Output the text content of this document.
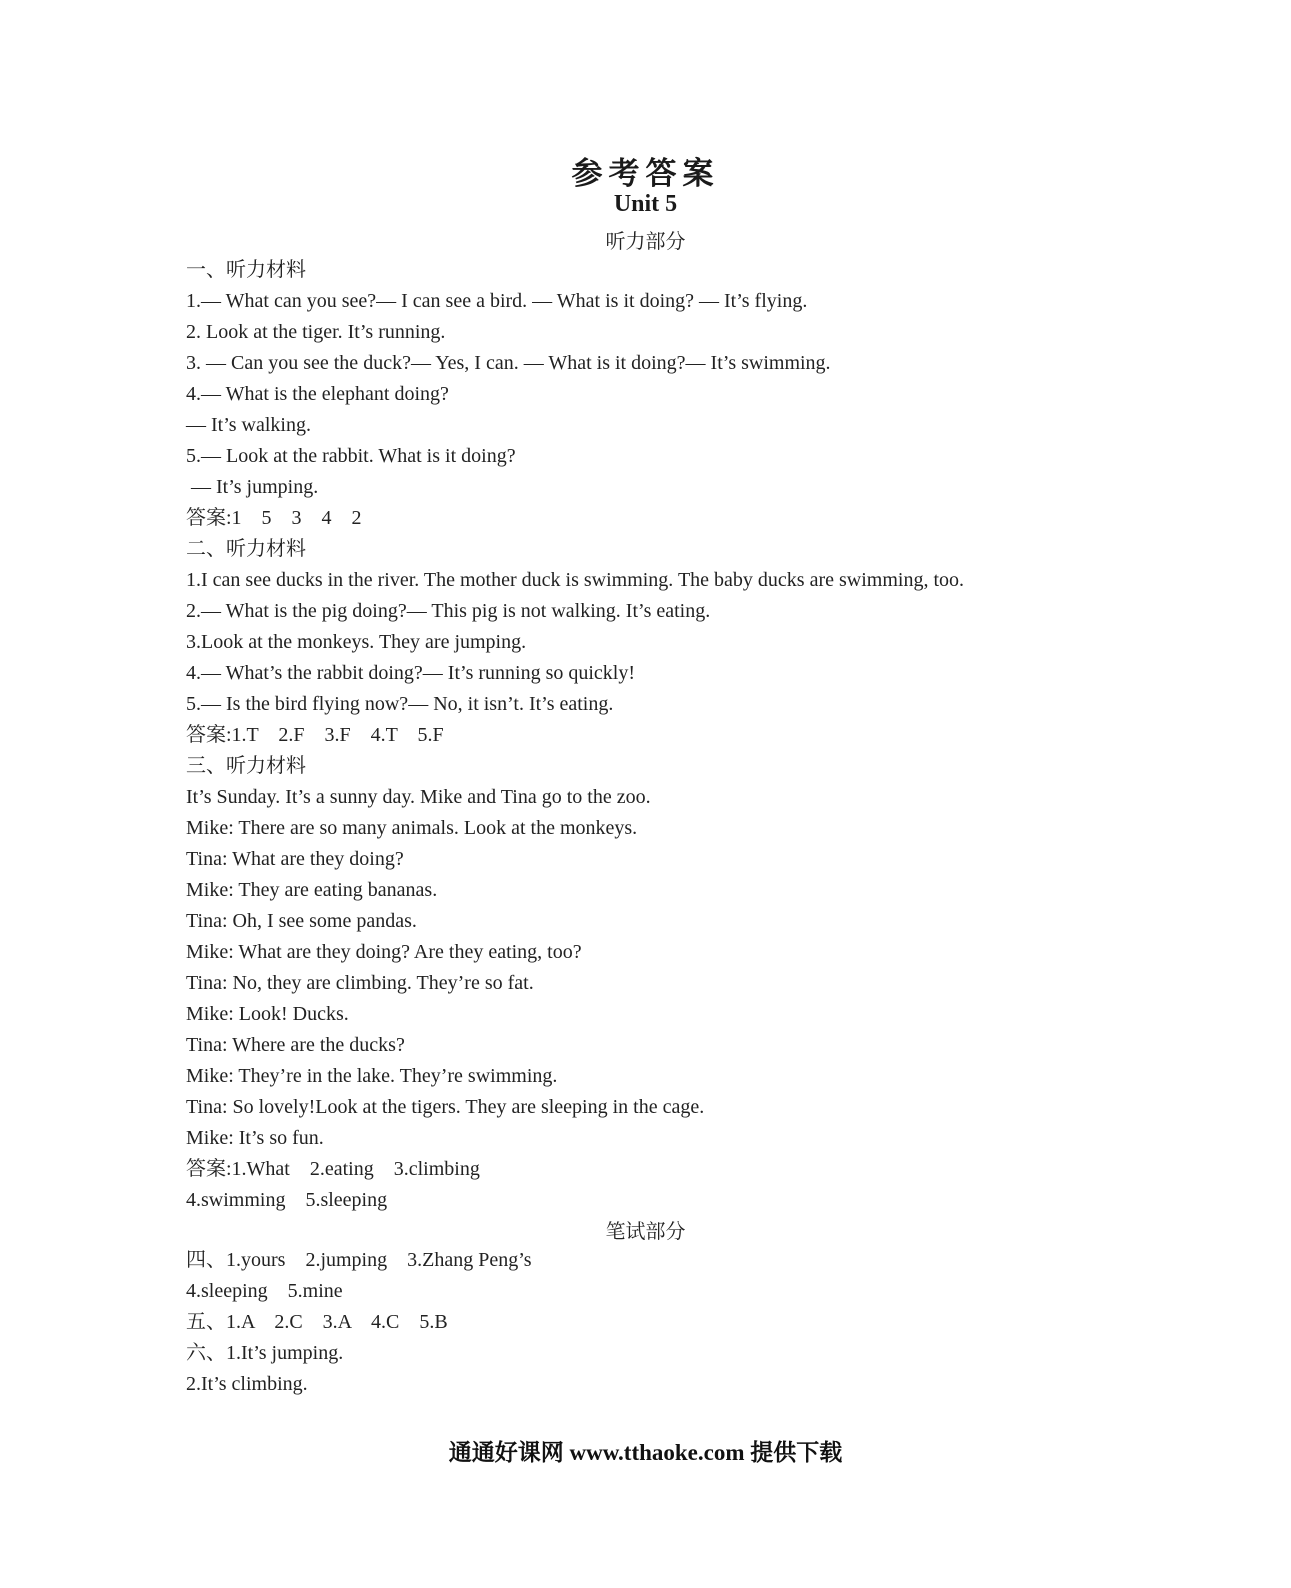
参考答案
Unit 5
听力部分
一、听力材料
1.— What can you see?— I can see a bird. — What is it doing? — It’s flying.
2. Look at the tiger. It’s running.
3. — Can you see the duck?— Yes, I can. — What is it doing?— It’s swimming.
4.— What is the elephant doing?
— It’s walking.
5.— Look at the rabbit. What is it doing?
— It’s jumping.
答案:1    5    3    4    2
二、听力材料
1.I can see ducks in the river. The mother duck is swimming. The baby ducks are swimming, too.
2.— What is the pig doing?— This pig is not walking. It’s eating.
3.Look at the monkeys. They are jumping.
4.— What’s the rabbit doing?— It’s running so quickly!
5.— Is the bird flying now?— No, it isn’t. It’s eating.
答案:1.T    2.F    3.F    4.T    5.F
三、听力材料
It’s Sunday. It’s a sunny day. Mike and Tina go to the zoo.
Mike: There are so many animals. Look at the monkeys.
Tina: What are they doing?
Mike: They are eating bananas.
Tina: Oh, I see some pandas.
Mike: What are they doing? Are they eating, too?
Tina: No, they are climbing. They’re so fat.
Mike: Look! Ducks.
Tina: Where are the ducks?
Mike: They’re in the lake. They’re swimming.
Tina: So lovely!Look at the tigers. They are sleeping in the cage.
Mike: It’s so fun.
答案:1.What    2.eating    3.climbing
4.swimming    5.sleeping
笔试部分
四、1.yours    2.jumping    3.Zhang Peng’s
4.sleeping    5.mine
五、1.A    2.C    3.A    4.C    5.B
六、1.It’s jumping.
2.It’s climbing.
通通好课网 www.tthaoke.com 提供下载
